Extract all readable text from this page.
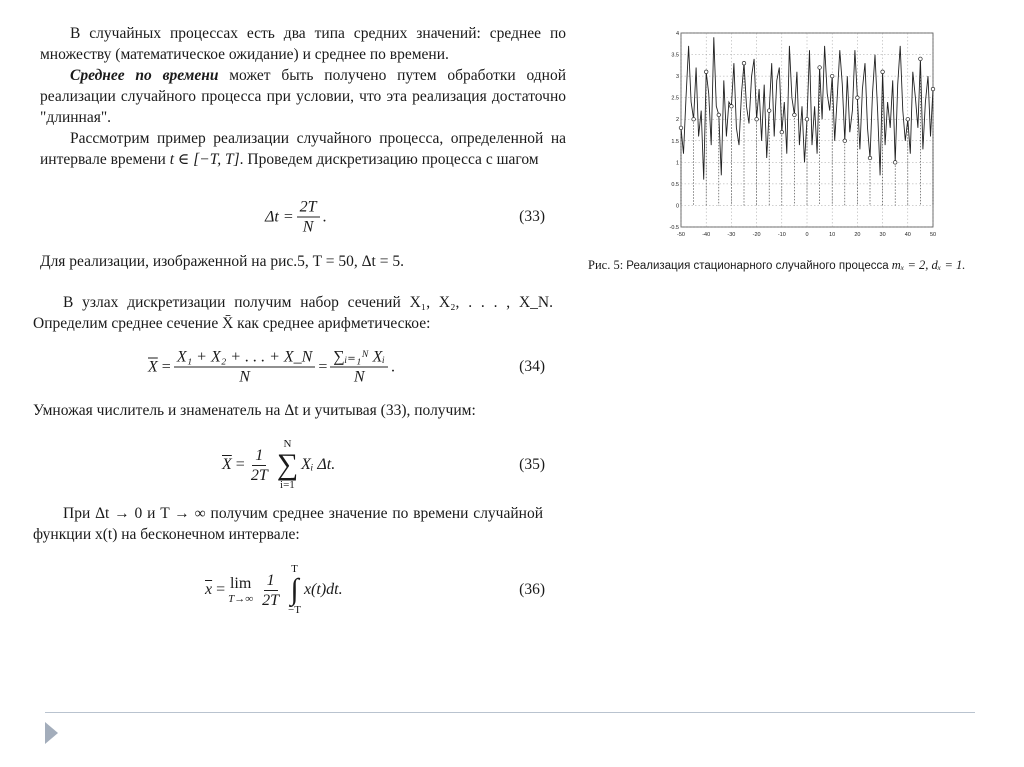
В случайных процессах есть два типа средних значений: среднее по множеству (математическое ожидание) и среднее по времени.
Среднее по времени может быть получено путем обработки одной реализации случайного процесса при условии, что эта реализация достаточно "длинная".
Рассмотрим пример реализации случайного процесса, определенной на интервале времени t ∈ [−T, T]. Проведем дискретизацию процесса с шагом
$\Delta t = \frac{2T}{N}$ .	(33)
Для реализации, изображенной на рис.5, T = 50, Δt = 5.
В узлах дискретизации получим набор сечений X₁, X₂, . . . , X_N. Определим среднее сечение X̄ как среднее арифметическое:
$\overline{X} = \frac{\text{X₁ + X₂ + . . . + X\_N}}{N} = \frac{\text{∑ᵢ₌₁ᴺ Xᵢ}}{N}$ .	(34)
Умножая числитель и знаменатель на Δt и учитывая (33), получим:
$\overline{X} = \frac{1}{2T}$
N
∑
i=1
Xᵢ Δt.	(35)
При Δt → 0 и T → ∞ получим среднее значение по времени случайной функции x(t) на бесконечном интервале:
$\overline{x} = \lim$
$T\to\infty \frac{1}{2T}$
T
∫
−T
x(t)dt.	(36)
-50	-40	-30	-20	-10	0	10	20	30	40	50
-0.5
0
0.5
1
1.5
2
2.5
3
3.5
4
Рис. 5: Реализация стационарного случайного процесса mₓ = 2, dₓ = 1.
